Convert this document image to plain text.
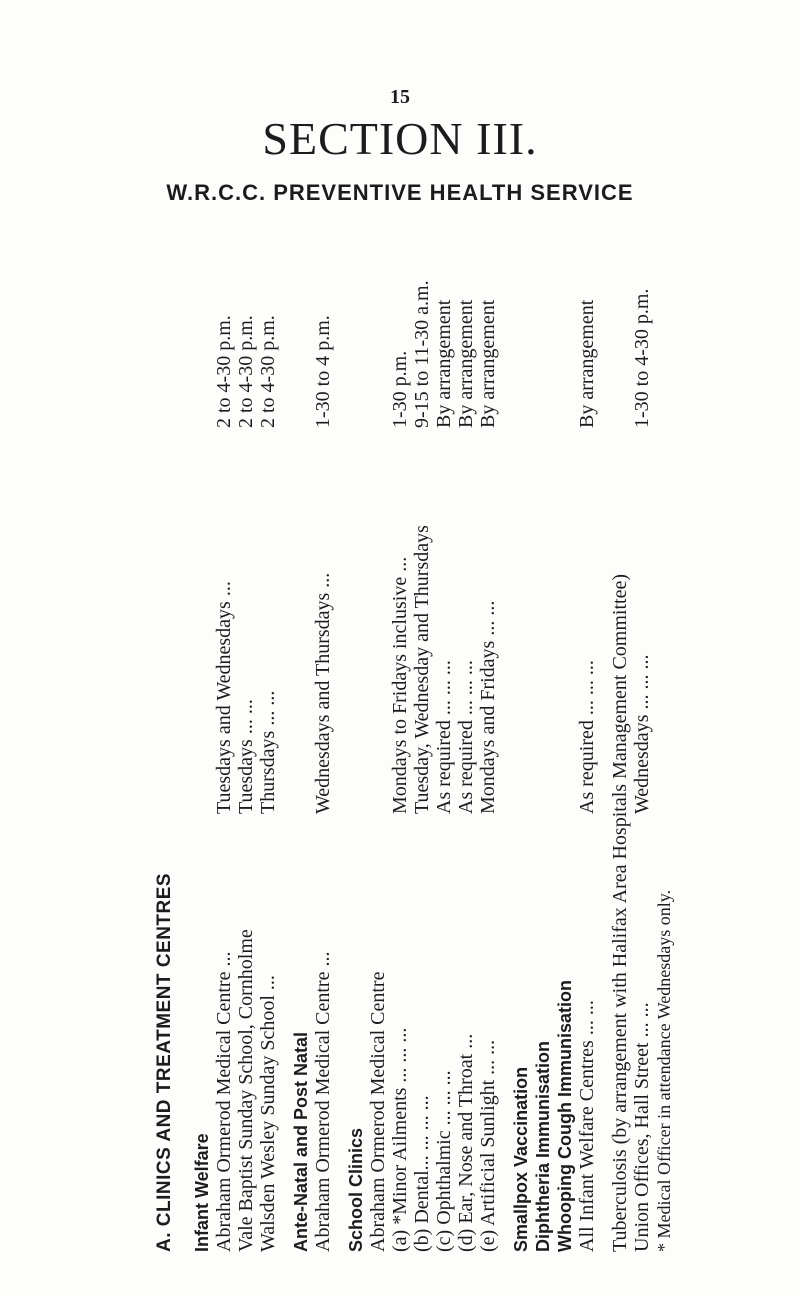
15
SECTION III.
W.R.C.C. PREVENTIVE HEALTH SERVICE
A. CLINICS AND TREATMENT CENTRES Infant Welfare Abraham Ormerod Medical Centre ...
Tuesdays and Wednesdays ...
2 to 4-30 p.m.
Vale Baptist Sunday School, Cornholme
Tuesdays ... ...
2 to 4-30 p.m.
Walsden Wesley Sunday School ...
Thursdays ... ...
2 to 4-30 p.m.
Ante-Natal and Post Natal Abraham Ormerod Medical Centre ...
Wednesdays and Thursdays ...
1-30 to 4 p.m.
School Clinics Abraham Ormerod Medical Centre (a) *Minor Ailments ... ... ...
Mondays to Fridays inclusive ...
1-30 p.m.
(b) Dental... ... ... ...
Tuesday, Wednesday and Thursdays
9-15 to 11-30 a.m.
(c) Ophthalmic ... ... ...
As required ... ... ...
By arrangement
(d) Ear, Nose and Throat ...
As required ... ... ...
By arrangement
(e) Artificial Sunlight ... ...
Mondays and Fridays ... ...
By arrangement
Smallpox Vaccination Diphtheria Immunisation Whooping Cough Immunisation All Infant Welfare Centres ... ...
As required ... ... ...
By arrangement
Tuberculosis (by arrangement with Halifax Area Hospitals Management Committee) Union Offices, Hall Street ... ...
Wednesdays ... ... ...
1-30 to 4-30 p.m.
* Medical Officer in attendance Wednesdays only.
